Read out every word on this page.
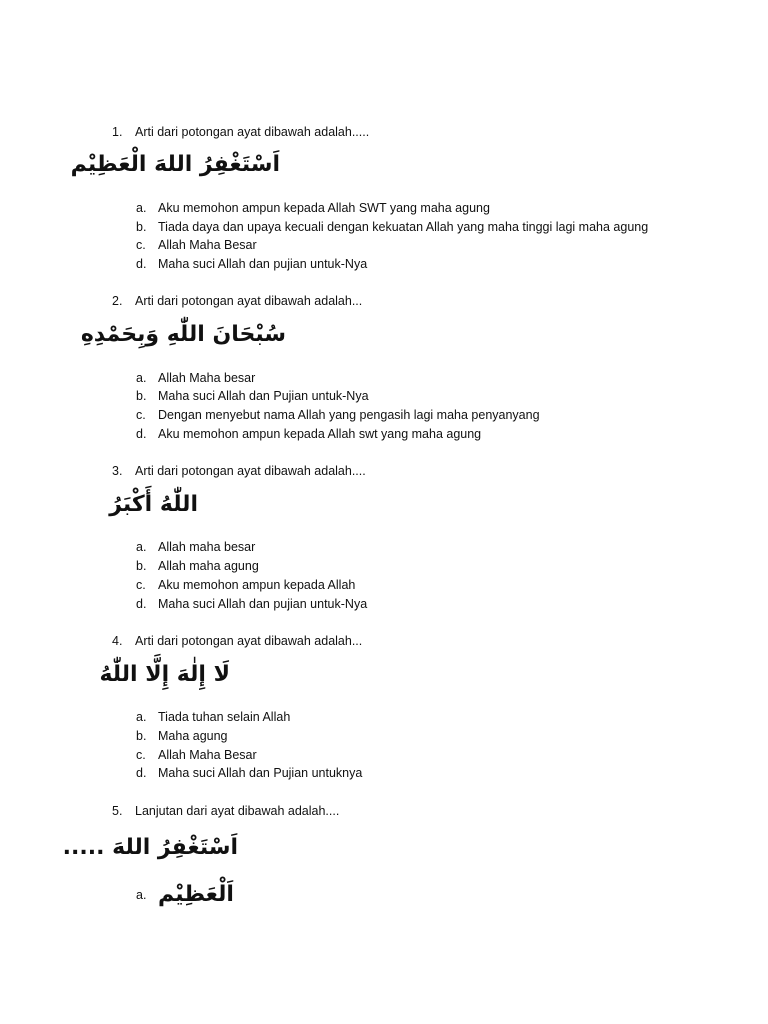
1. Arti dari potongan ayat dibawah adalah.....
اَسْتَغْفِرُ اللهَ الْعَظِيْم
a. Aku memohon ampun kepada Allah SWT yang maha agung
b. Tiada daya dan upaya kecuali dengan kekuatan Allah yang maha tinggi lagi maha agung
c. Allah Maha Besar
d. Maha suci Allah dan pujian untuk-Nya
2. Arti dari potongan ayat dibawah adalah...
سُبْحَانَ اللّٰهِ وَبِحَمْدِهِ
a. Allah Maha besar
b. Maha suci Allah dan Pujian untuk-Nya
c. Dengan menyebut nama Allah yang pengasih lagi maha penyanyang
d. Aku memohon ampun kepada Allah swt yang maha agung
3. Arti dari potongan ayat dibawah adalah....
اللّٰهُ أَكْبَرُ
a. Allah maha besar
b. Allah maha agung
c. Aku memohon ampun kepada Allah
d. Maha suci Allah dan pujian untuk-Nya
4. Arti dari potongan ayat dibawah adalah...
لَا إِلٰهَ إِلَّا اللّٰهُ
a. Tiada tuhan selain Allah
b. Maha agung
c. Allah Maha Besar
d. Maha suci Allah dan Pujian untuknya
5. Lanjutan dari ayat dibawah adalah....
اَسْتَغْفِرُ اللهَ .....
a. اَلْعَظِيْم
